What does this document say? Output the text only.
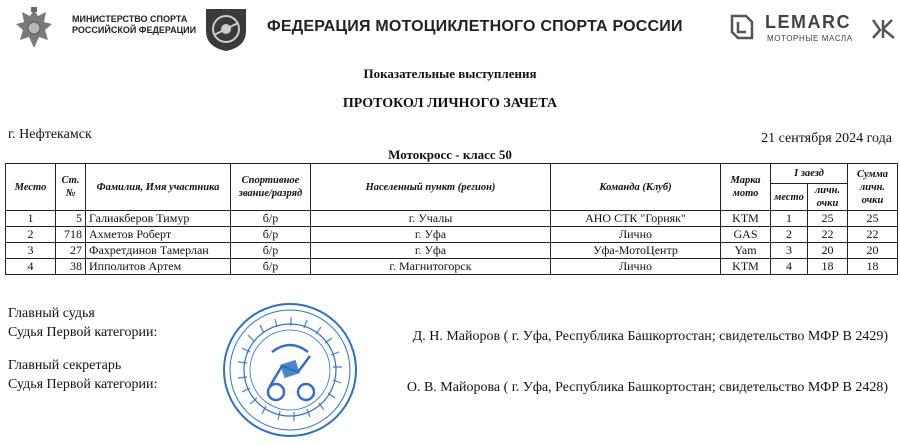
МИНИСТЕРСТВО СПОРТА
РОССИЙСКОЙ ФЕДЕРАЦИИ	ФЕДЕРАЦИЯ МОТОЦИКЛЕТНОГО СПОРТА РОССИИ	LEMARC
МОТОРНЫЕ МАСЛА
Показательные выступления
ПРОТОКОЛ ЛИЧНОГО ЗАЧЕТА
г. Нефтекамск	21 сентября 2024 года
Мотокросс - класс 50
Место	Ст. №	Фамилия, Имя участника	Спортивное звание/разряд	Населенный пункт (регион)	Команда (Клуб)	Марка мото	I заезд		Сумма личн. очки
							место	личн. очки	
1	5	Галиакберов Тимур	б/р	г. Учалы	АНО СТК "Горняк"	KTM	1	25	25
2	718	Ахметов Роберт	б/р	г. Уфа	Лично	GAS	2	22	22
3	27	Фахретдинов Тамерлан	б/р	г. Уфа	Уфа-МотоЦентр	Yam	3	20	20
4	38	Ипполитов Артем	б/р	г. Магнитогорск	Лично	KTM	4	18	18
Главный судья
Судья Первой категории:	Д. Н. Майоров ( г. Уфа, Республика Башкортостан; свидетельство МФР В 2429)
Главный секретарь
Судья Первой категории:	О. В. Майорова ( г. Уфа, Республика Башкортостан; свидетельство МФР В 2428)
